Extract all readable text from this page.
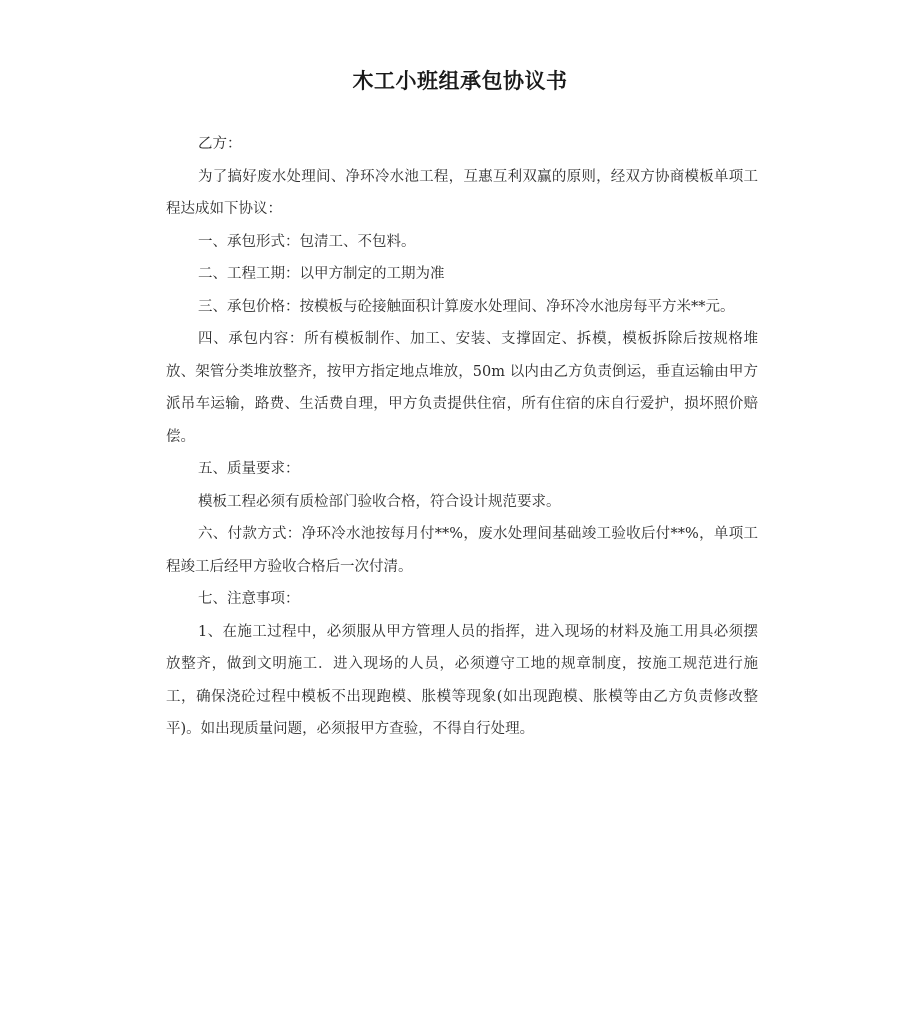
木工小班组承包协议书

乙方：

为了搞好废水处理间、净环冷水池工程，互惠互利双赢的原则，经双方协商模板单项工程达成如下协议：

一、承包形式：包清工、不包料。

二、工程工期：以甲方制定的工期为准

三、承包价格：按模板与砼接触面积计算废水处理间、净环冷水池房每平方米**元。

四、承包内容：所有模板制作、加工、安装、支撑固定、拆模，模板拆除后按规格堆放、架管分类堆放整齐，按甲方指定地点堆放，50m 以内由乙方负责倒运，垂直运输由甲方派吊车运输，路费、生活费自理，甲方负责提供住宿，所有住宿的床自行爱护，损坏照价赔偿。

五、质量要求：

模板工程必须有质检部门验收合格，符合设计规范要求。

六、付款方式：净环冷水池按每月付**%，废水处理间基础竣工验收后付**%，单项工程竣工后经甲方验收合格后一次付清。

七、注意事项：

1、在施工过程中，必须服从甲方管理人员的指挥，进入现场的材料及施工用具必须摆放整齐，做到文明施工．进入现场的人员，必须遵守工地的规章制度，按施工规范进行施工，确保浇砼过程中模板不出现跑模、胀模等现象(如出现跑模、胀模等由乙方负责修改整平)。如出现质量问题，必须报甲方查验，不得自行处理。
